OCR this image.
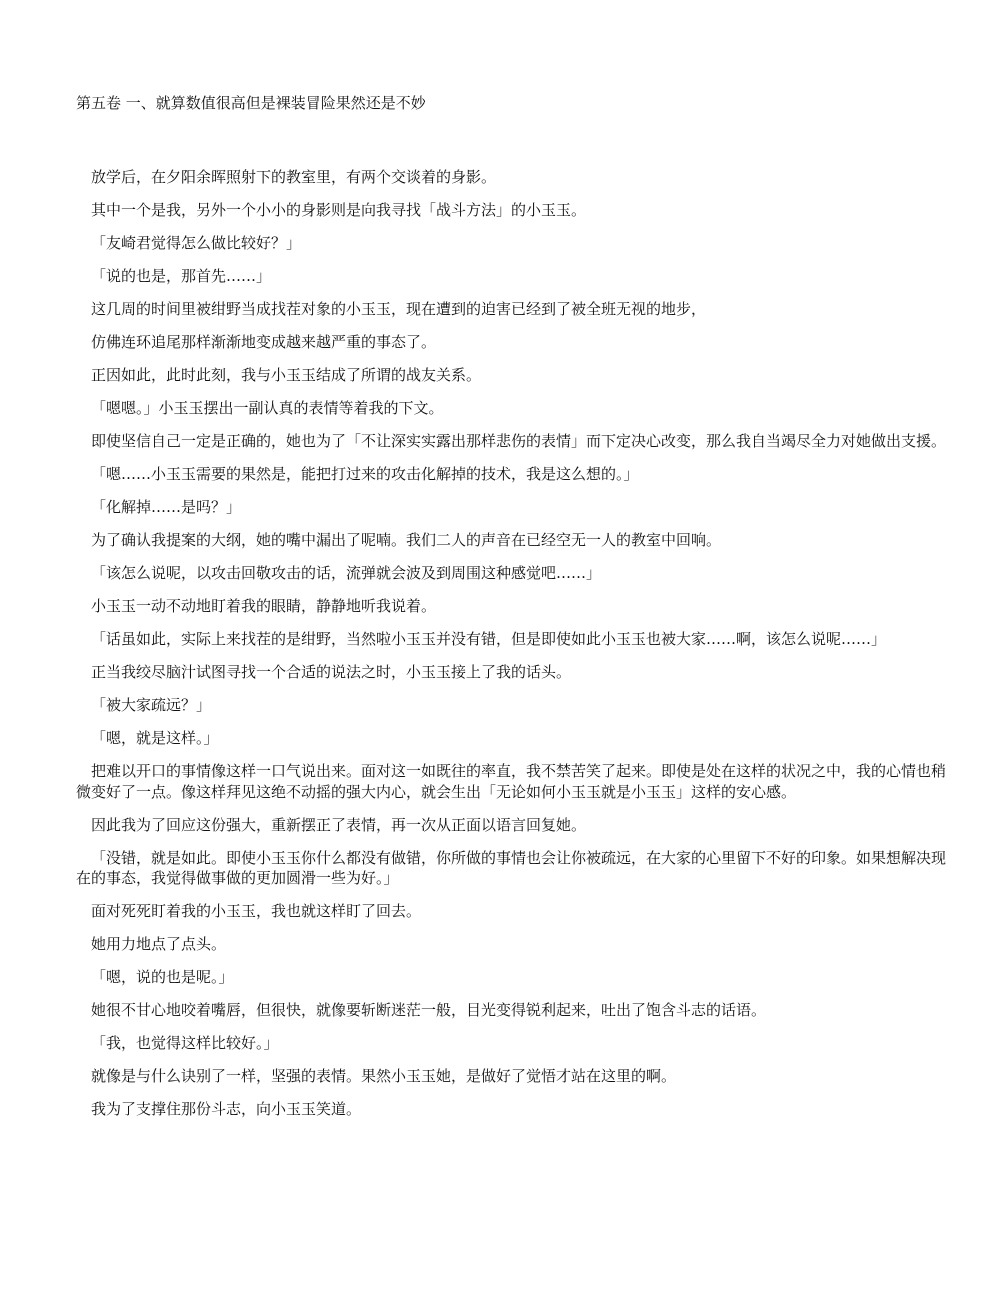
第五卷 一、就算数值很高但是裸装冒险果然还是不妙

放学后，在夕阳余晖照射下的教室里，有两个交谈着的身影。

其中一个是我，另外一个小小的身影则是向我寻找「战斗方法」的小玉玉。

「友崎君觉得怎么做比较好？」

「说的也是，那首先……」

这几周的时间里被绀野当成找茬对象的小玉玉，现在遭到的迫害已经到了被全班无视的地步，

仿佛连环追尾那样渐渐地变成越来越严重的事态了。

正因如此，此时此刻，我与小玉玉结成了所谓的战友关系。

「嗯嗯。」小玉玉摆出一副认真的表情等着我的下文。

即使坚信自己一定是正确的，她也为了「不让深实实露出那样悲伤的表情」而下定决心改变，那么我自当竭尽全力对她做出支援。

「嗯……小玉玉需要的果然是，能把打过来的攻击化解掉的技术，我是这么想的。」

「化解掉……是吗？」

为了确认我提案的大纲，她的嘴中漏出了呢喃。我们二人的声音在已经空无一人的教室中回响。

「该怎么说呢，以攻击回敬攻击的话，流弹就会波及到周围这种感觉吧……」

小玉玉一动不动地盯着我的眼睛，静静地听我说着。

「话虽如此，实际上来找茬的是绀野，当然啦小玉玉并没有错，但是即使如此小玉玉也被大家……啊，该怎么说呢……」

正当我绞尽脑汁试图寻找一个合适的说法之时，小玉玉接上了我的话头。

「被大家疏远？」

「嗯，就是这样。」

把难以开口的事情像这样一口气说出来。面对这一如既往的率直，我不禁苦笑了起来。即使是处在这样的状况之中，我的心情也稍微变好了一点。像这样拜见这绝不动摇的强大内心，就会生出「无论如何小玉玉就是小玉玉」这样的安心感。

因此我为了回应这份强大，重新摆正了表情，再一次从正面以语言回复她。

「没错，就是如此。即使小玉玉你什么都没有做错，你所做的事情也会让你被疏远，在大家的心里留下不好的印象。如果想解决现在的事态，我觉得做事做的更加圆滑一些为好。」

面对死死盯着我的小玉玉，我也就这样盯了回去。

她用力地点了点头。

「嗯，说的也是呢。」

她很不甘心地咬着嘴唇，但很快，就像要斩断迷茫一般，目光变得锐利起来，吐出了饱含斗志的话语。

「我，也觉得这样比较好。」

就像是与什么诀别了一样，坚强的表情。果然小玉玉她，是做好了觉悟才站在这里的啊。

我为了支撑住那份斗志，向小玉玉笑道。
